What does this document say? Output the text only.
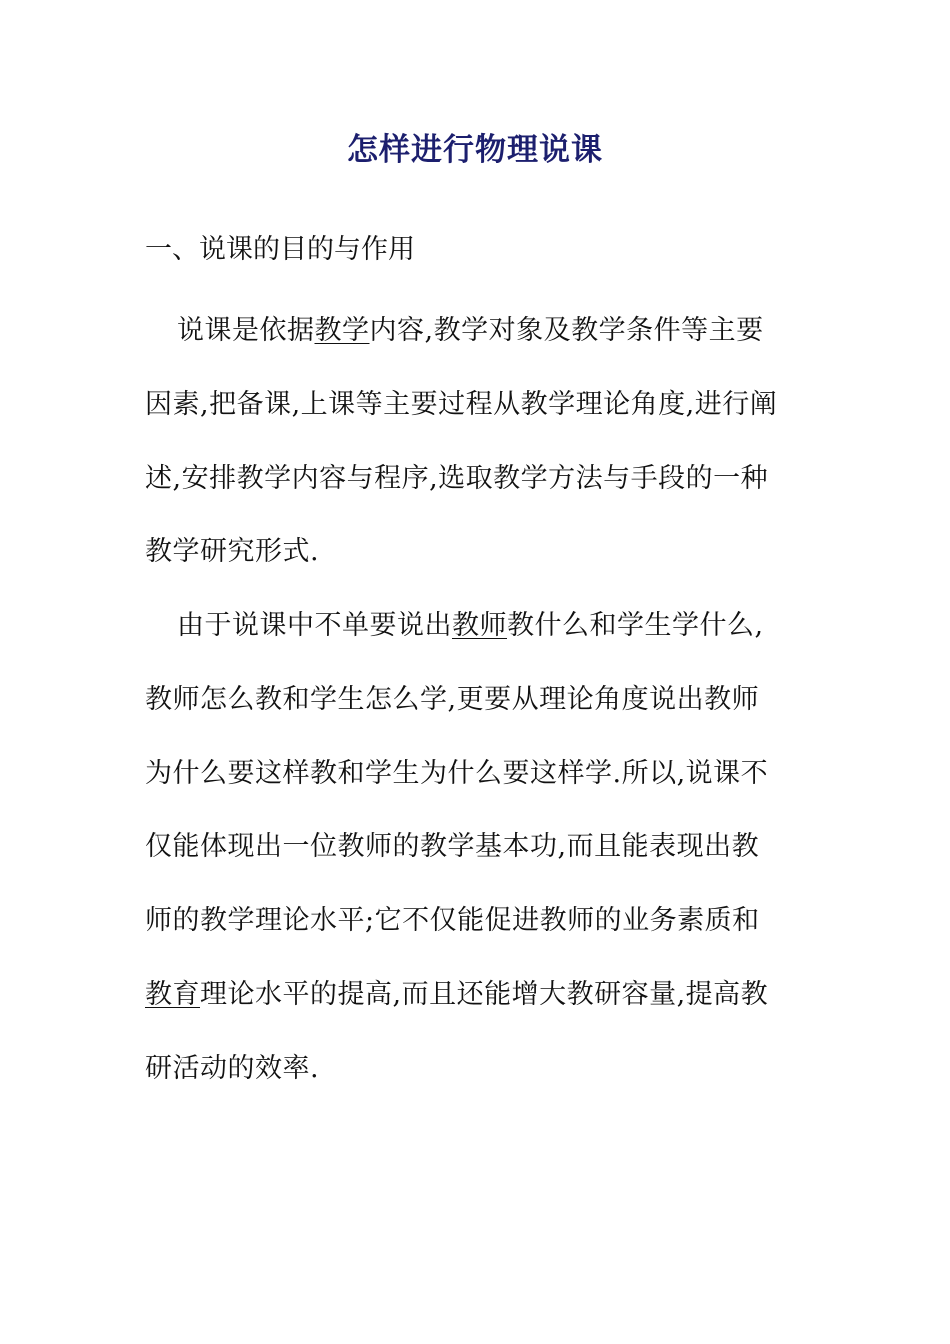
怎样进行物理说课
一、说课的目的与作用
说课是依据教学内容,教学对象及教学条件等主要
因素,把备课,上课等主要过程从教学理论角度,进行阐
述,安排教学内容与程序,选取教学方法与手段的一种
教学研究形式.
由于说课中不单要说出教师教什么和学生学什么,
教师怎么教和学生怎么学,更要从理论角度说出教师
为什么要这样教和学生为什么要这样学.所以,说课不
仅能体现出一位教师的教学基本功,而且能表现出教
师的教学理论水平;它不仅能促进教师的业务素质和
教育理论水平的提高,而且还能增大教研容量,提高教
研活动的效率.
